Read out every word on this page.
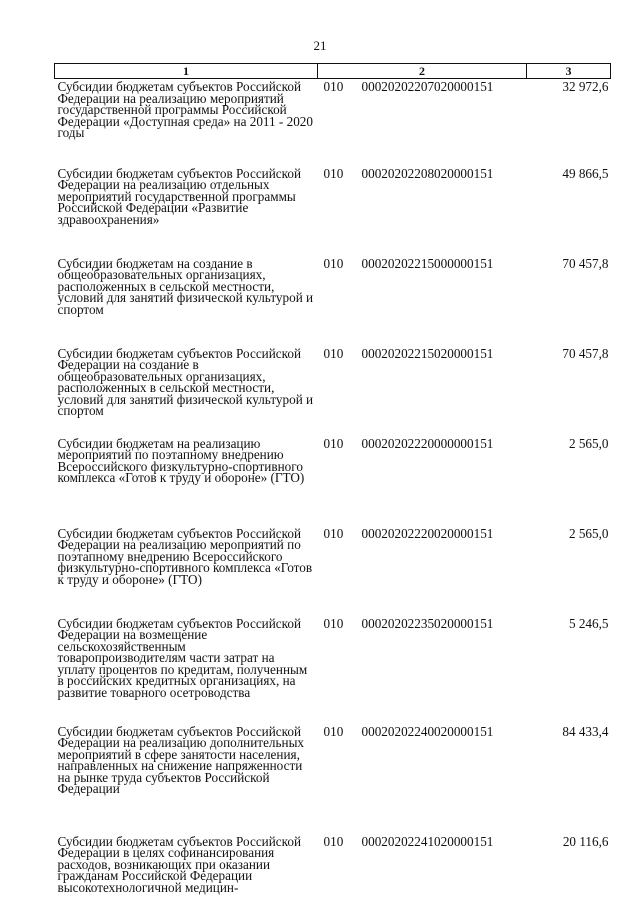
21
1	2		3
Субсидии бюджетам субъектов Российской Федерации на реализацию мероприятий государственной программы Российской Федерации «Доступная среда» на 2011 - 2020 годы	010	00020202207020000151	32 972,6
Субсидии бюджетам субъектов Российской Федерации на реализацию отдельных мероприятий государственной программы Российской Федерации «Развитие здравоохранения»	010	00020202208020000151	49 866,5
Субсидии бюджетам на создание в общеобразовательных организациях, расположенных в сельской местности, условий для занятий физической культурой и спортом	010	00020202215000000151	70 457,8
Субсидии бюджетам субъектов Российской Федерации на создание в общеобразовательных организациях, расположенных в сельской местности, условий для занятий физической культурой и спортом	010	00020202215020000151	70 457,8
Субсидии бюджетам на реализацию мероприятий по поэтапному внедрению Всероссийского физкультурно-спортивного комплекса «Готов к труду и обороне» (ГТО)	010	00020202220000000151	2 565,0
Субсидии бюджетам субъектов Российской Федерации на реализацию мероприятий по поэтапному внедрению Всероссийского физкультурно-спортивного комплекса «Готов к труду и обороне» (ГТО)	010	00020202220020000151	2 565,0
Субсидии бюджетам субъектов Российской Федерации на возмещение сельскохозяйственным товаропроизводителям части затрат на уплату процентов по кредитам, полученным в российских кредитных организациях, на развитие товарного осетроводства	010	00020202235020000151	5 246,5
Субсидии бюджетам субъектов Российской Федерации на реализацию дополнительных мероприятий в сфере занятости населения, направленных на снижение напряженности на рынке труда субъектов Российской Федерации	010	00020202240020000151	84 433,4
Субсидии бюджетам субъектов Российской Федерации в целях софинансирования расходов, возникающих при оказании гражданам Российской Федерации высокотехнологичной медицин-	010	00020202241020000151	20 116,6
